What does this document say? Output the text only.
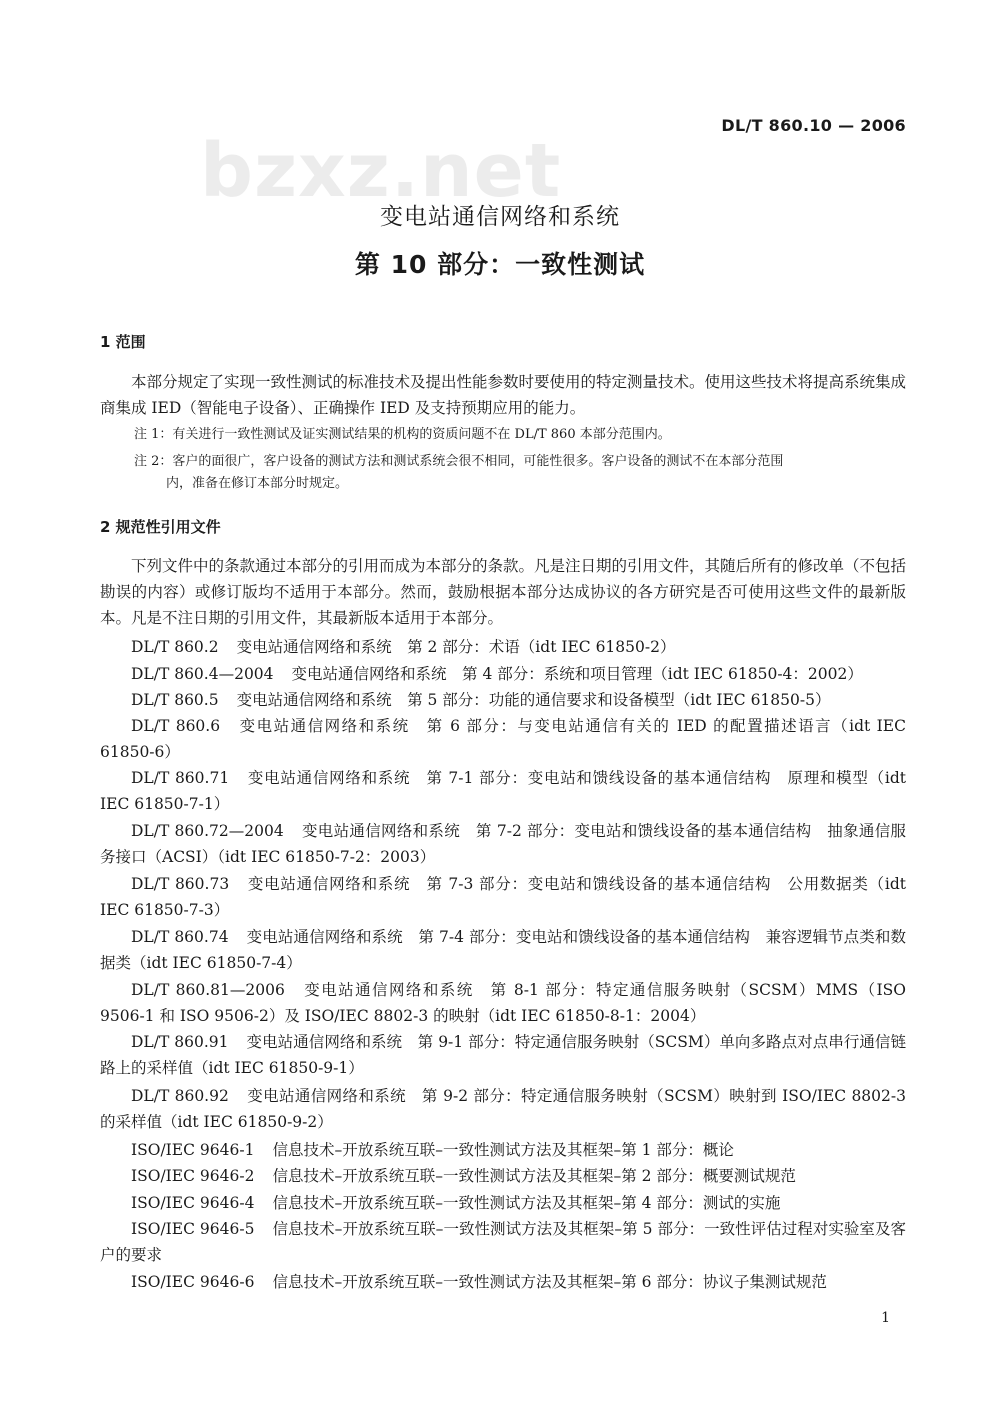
bzxz.net
DL/T 860.10 — 2006
变电站通信网络和系统
第 10 部分：一致性测试
1 范围

本部分规定了实现一致性测试的标准技术及提出性能参数时要使用的特定测量技术。使用这些技术将提高系统集成商集成 IED（智能电子设备）、正确操作 IED 及支持预期应用的能力。

注 1：有关进行一致性测试及证实测试结果的机构的资质问题不在 DL/T 860 本部分范围内。

注 2：客户的面很广，客户设备的测试方法和测试系统会很不相同，可能性很多。客户设备的测试不在本部分范围

内，准备在修订本部分时规定。

2 规范性引用文件

下列文件中的条款通过本部分的引用而成为本部分的条款。凡是注日期的引用文件，其随后所有的修改单（不包括勘误的内容）或修订版均不适用于本部分。然而，鼓励根据本部分达成协议的各方研究是否可使用这些文件的最新版本。凡是不注日期的引用文件，其最新版本适用于本部分。

DL/T 860.2 变电站通信网络和系统　第 2 部分：术语（idt IEC 61850-2）

DL/T 860.4—2004 变电站通信网络和系统　第 4 部分：系统和项目管理（idt IEC 61850-4：2002）

DL/T 860.5 变电站通信网络和系统　第 5 部分：功能的通信要求和设备模型（idt IEC 61850-5）

DL/T 860.6 变电站通信网络和系统　第 6 部分：与变电站通信有关的 IED 的配置描述语言（idt IEC 61850-6）

DL/T 860.71 变电站通信网络和系统　第 7-1 部分：变电站和馈线设备的基本通信结构　原理和模型（idt IEC 61850-7-1）

DL/T 860.72—2004 变电站通信网络和系统　第 7-2 部分：变电站和馈线设备的基本通信结构　抽象通信服务接口（ACSI）（idt IEC 61850-7-2：2003）

DL/T 860.73 变电站通信网络和系统　第 7-3 部分：变电站和馈线设备的基本通信结构　公用数据类（idt IEC 61850-7-3）

DL/T 860.74 变电站通信网络和系统　第 7-4 部分：变电站和馈线设备的基本通信结构　兼容逻辑节点类和数据类（idt IEC 61850-7-4）

DL/T 860.81—2006 变电站通信网络和系统　第 8-1 部分：特定通信服务映射（SCSM）MMS（ISO 9506-1 和 ISO 9506-2）及 ISO/IEC 8802-3 的映射（idt IEC 61850-8-1：2004）

DL/T 860.91 变电站通信网络和系统　第 9-1 部分：特定通信服务映射（SCSM）单向多路点对点串行通信链路上的采样值（idt IEC 61850-9-1）

DL/T 860.92 变电站通信网络和系统　第 9-2 部分：特定通信服务映射（SCSM）映射到 ISO/IEC 8802-3 的采样值（idt IEC 61850-9-2）

ISO/IEC 9646-1 信息技术–开放系统互联–一致性测试方法及其框架–第 1 部分：概论

ISO/IEC 9646-2 信息技术–开放系统互联–一致性测试方法及其框架–第 2 部分：概要测试规范

ISO/IEC 9646-4 信息技术–开放系统互联–一致性测试方法及其框架–第 4 部分：测试的实施

ISO/IEC 9646-5 信息技术–开放系统互联–一致性测试方法及其框架–第 5 部分：一致性评估过程对实验室及客户的要求

ISO/IEC 9646-6 信息技术–开放系统互联–一致性测试方法及其框架–第 6 部分：协议子集测试规范

1
